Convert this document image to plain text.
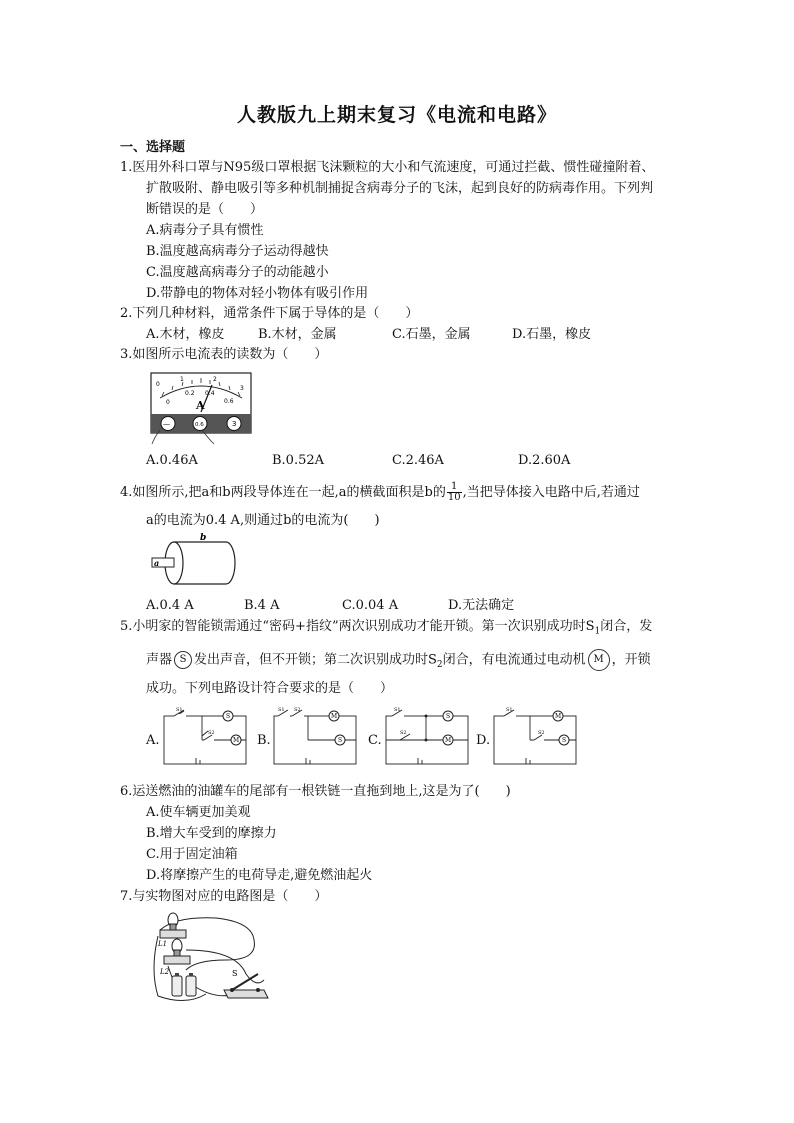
人教版九上期末复习《电流和电路》
一、选择题
1.医用外科口罩与N95级口罩根据飞沫颗粒的大小和气流速度，可通过拦截、惯性碰撞附着、
扩散吸附、静电吸引等多种机制捕捉含病毒分子的飞沫，起到良好的防病毒作用。下列判
断错误的是（　　）
A.病毒分子具有惯性
B.温度越高病毒分子运动得越快
C.温度越高病毒分子的动能越小
D.带静电的物体对轻小物体有吸引作用
2.下列几种材料，通常条件下属于导体的是（　　）
A.木材，橡皮	B.木材，金属	C.石墨，金属	D.石墨，橡皮
3.如图所示电流表的读数为（　　）
0
1	2
3
0
0.2 0.4
0.6
A
—	0.6	3
A.0.46A	B.0.52A	C.2.46A	D.2.60A
4.如图所示,把a和b两段导体连在一起,a的横截面积是b的 $\frac{1}{10}$ ,当把导体接入电路中后,若通过
a的电流为0.4 A,则通过b的电流为(　　)
a
b
A.0.4 A	B.4 A	C.0.04 A	D.无法确定
5.小明家的智能锁需通过“密码+指纹”两次识别成功才能开锁。第一次识别成功时$S_1$闭合，发
声器 S 发出声音，但不开锁；第二次识别成功时$S_2$闭合，有电流通过电动机 M ，开锁
成功。下列电路设计符合要求的是（　　）
A.	B.	C.	D.
S1
S2
S
M
S1 S2
M
S
S1
S2
S
M
S1
S2
M
S
6.运送燃油的油罐车的尾部有一根铁链一直拖到地上,这是为了(　　)
A.使车辆更加美观
B.增大车受到的摩擦力
C.用于固定油箱
D.将摩擦产生的电荷导走,避免燃油起火
7.与实物图对应的电路图是（　　）
L1
L2	S
